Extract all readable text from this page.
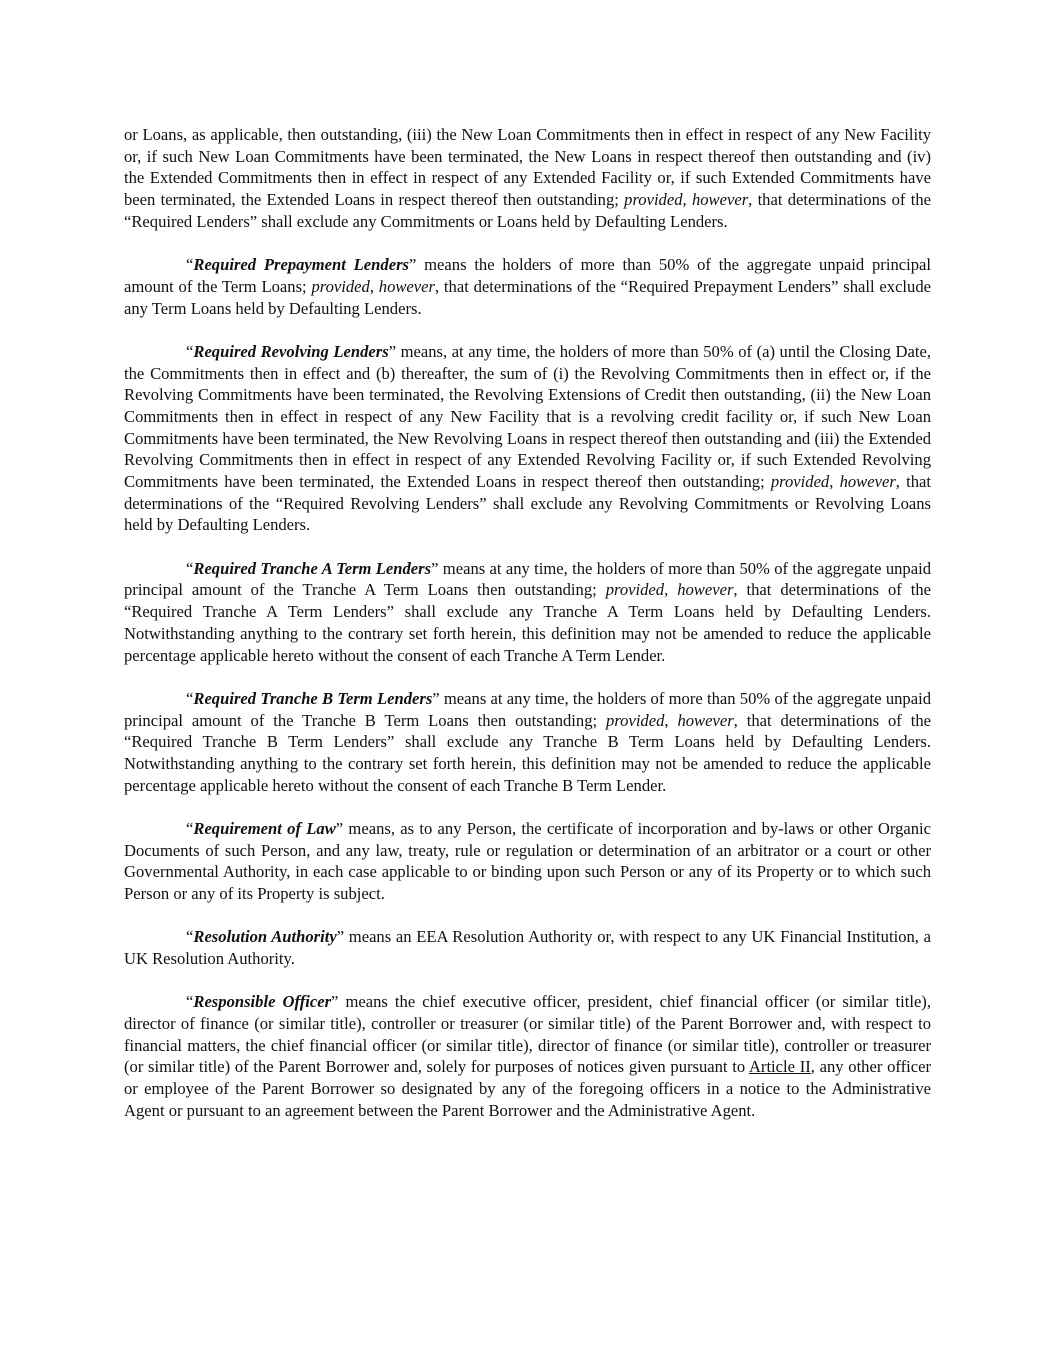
or Loans, as applicable, then outstanding, (iii) the New Loan Commitments then in effect in respect of any New Facility or, if such New Loan Commitments have been terminated, the New Loans in respect thereof then outstanding and (iv) the Extended Commitments then in effect in respect of any Extended Facility or, if such Extended Commitments have been terminated, the Extended Loans in respect thereof then outstanding; provided, however, that determinations of the “Required Lenders” shall exclude any Commitments or Loans held by Defaulting Lenders.

“Required Prepayment Lenders” means the holders of more than 50% of the aggregate unpaid principal amount of the Term Loans; provided, however, that determinations of the “Required Prepayment Lenders” shall exclude any Term Loans held by Defaulting Lenders.

“Required Revolving Lenders” means, at any time, the holders of more than 50% of (a) until the Closing Date, the Commitments then in effect and (b) thereafter, the sum of (i) the Revolving Commitments then in effect or, if the Revolving Commitments have been terminated, the Revolving Extensions of Credit then outstanding, (ii) the New Loan Commitments then in effect in respect of any New Facility that is a revolving credit facility or, if such New Loan Commitments have been terminated, the New Revolving Loans in respect thereof then outstanding and (iii) the Extended Revolving Commitments then in effect in respect of any Extended Revolving Facility or, if such Extended Revolving Commitments have been terminated, the Extended Loans in respect thereof then outstanding; provided, however, that determinations of the “Required Revolving Lenders” shall exclude any Revolving Commitments or Revolving Loans held by Defaulting Lenders.

“Required Tranche A Term Lenders” means at any time, the holders of more than 50% of the aggregate unpaid principal amount of the Tranche A Term Loans then outstanding; provided, however, that determinations of the “Required Tranche A Term Lenders” shall exclude any Tranche A Term Loans held by Defaulting Lenders. Notwithstanding anything to the contrary set forth herein, this definition may not be amended to reduce the applicable percentage applicable hereto without the consent of each Tranche A Term Lender.

“Required Tranche B Term Lenders” means at any time, the holders of more than 50% of the aggregate unpaid principal amount of the Tranche B Term Loans then outstanding; provided, however, that determinations of the “Required Tranche B Term Lenders” shall exclude any Tranche B Term Loans held by Defaulting Lenders. Notwithstanding anything to the contrary set forth herein, this definition may not be amended to reduce the applicable percentage applicable hereto without the consent of each Tranche B Term Lender.

“Requirement of Law” means, as to any Person, the certificate of incorporation and by-laws or other Organic Documents of such Person, and any law, treaty, rule or regulation or determination of an arbitrator or a court or other Governmental Authority, in each case applicable to or binding upon such Person or any of its Property or to which such Person or any of its Property is subject.

“Resolution Authority” means an EEA Resolution Authority or, with respect to any UK Financial Institution, a UK Resolution Authority.

“Responsible Officer” means the chief executive officer, president, chief financial officer (or similar title), director of finance (or similar title), controller or treasurer (or similar title) of the Parent Borrower and, with respect to financial matters, the chief financial officer (or similar title), director of finance (or similar title), controller or treasurer (or similar title) of the Parent Borrower and, solely for purposes of notices given pursuant to Article II, any other officer or employee of the Parent Borrower so designated by any of the foregoing officers in a notice to the Administrative Agent or pursuant to an agreement between the Parent Borrower and the Administrative Agent.
